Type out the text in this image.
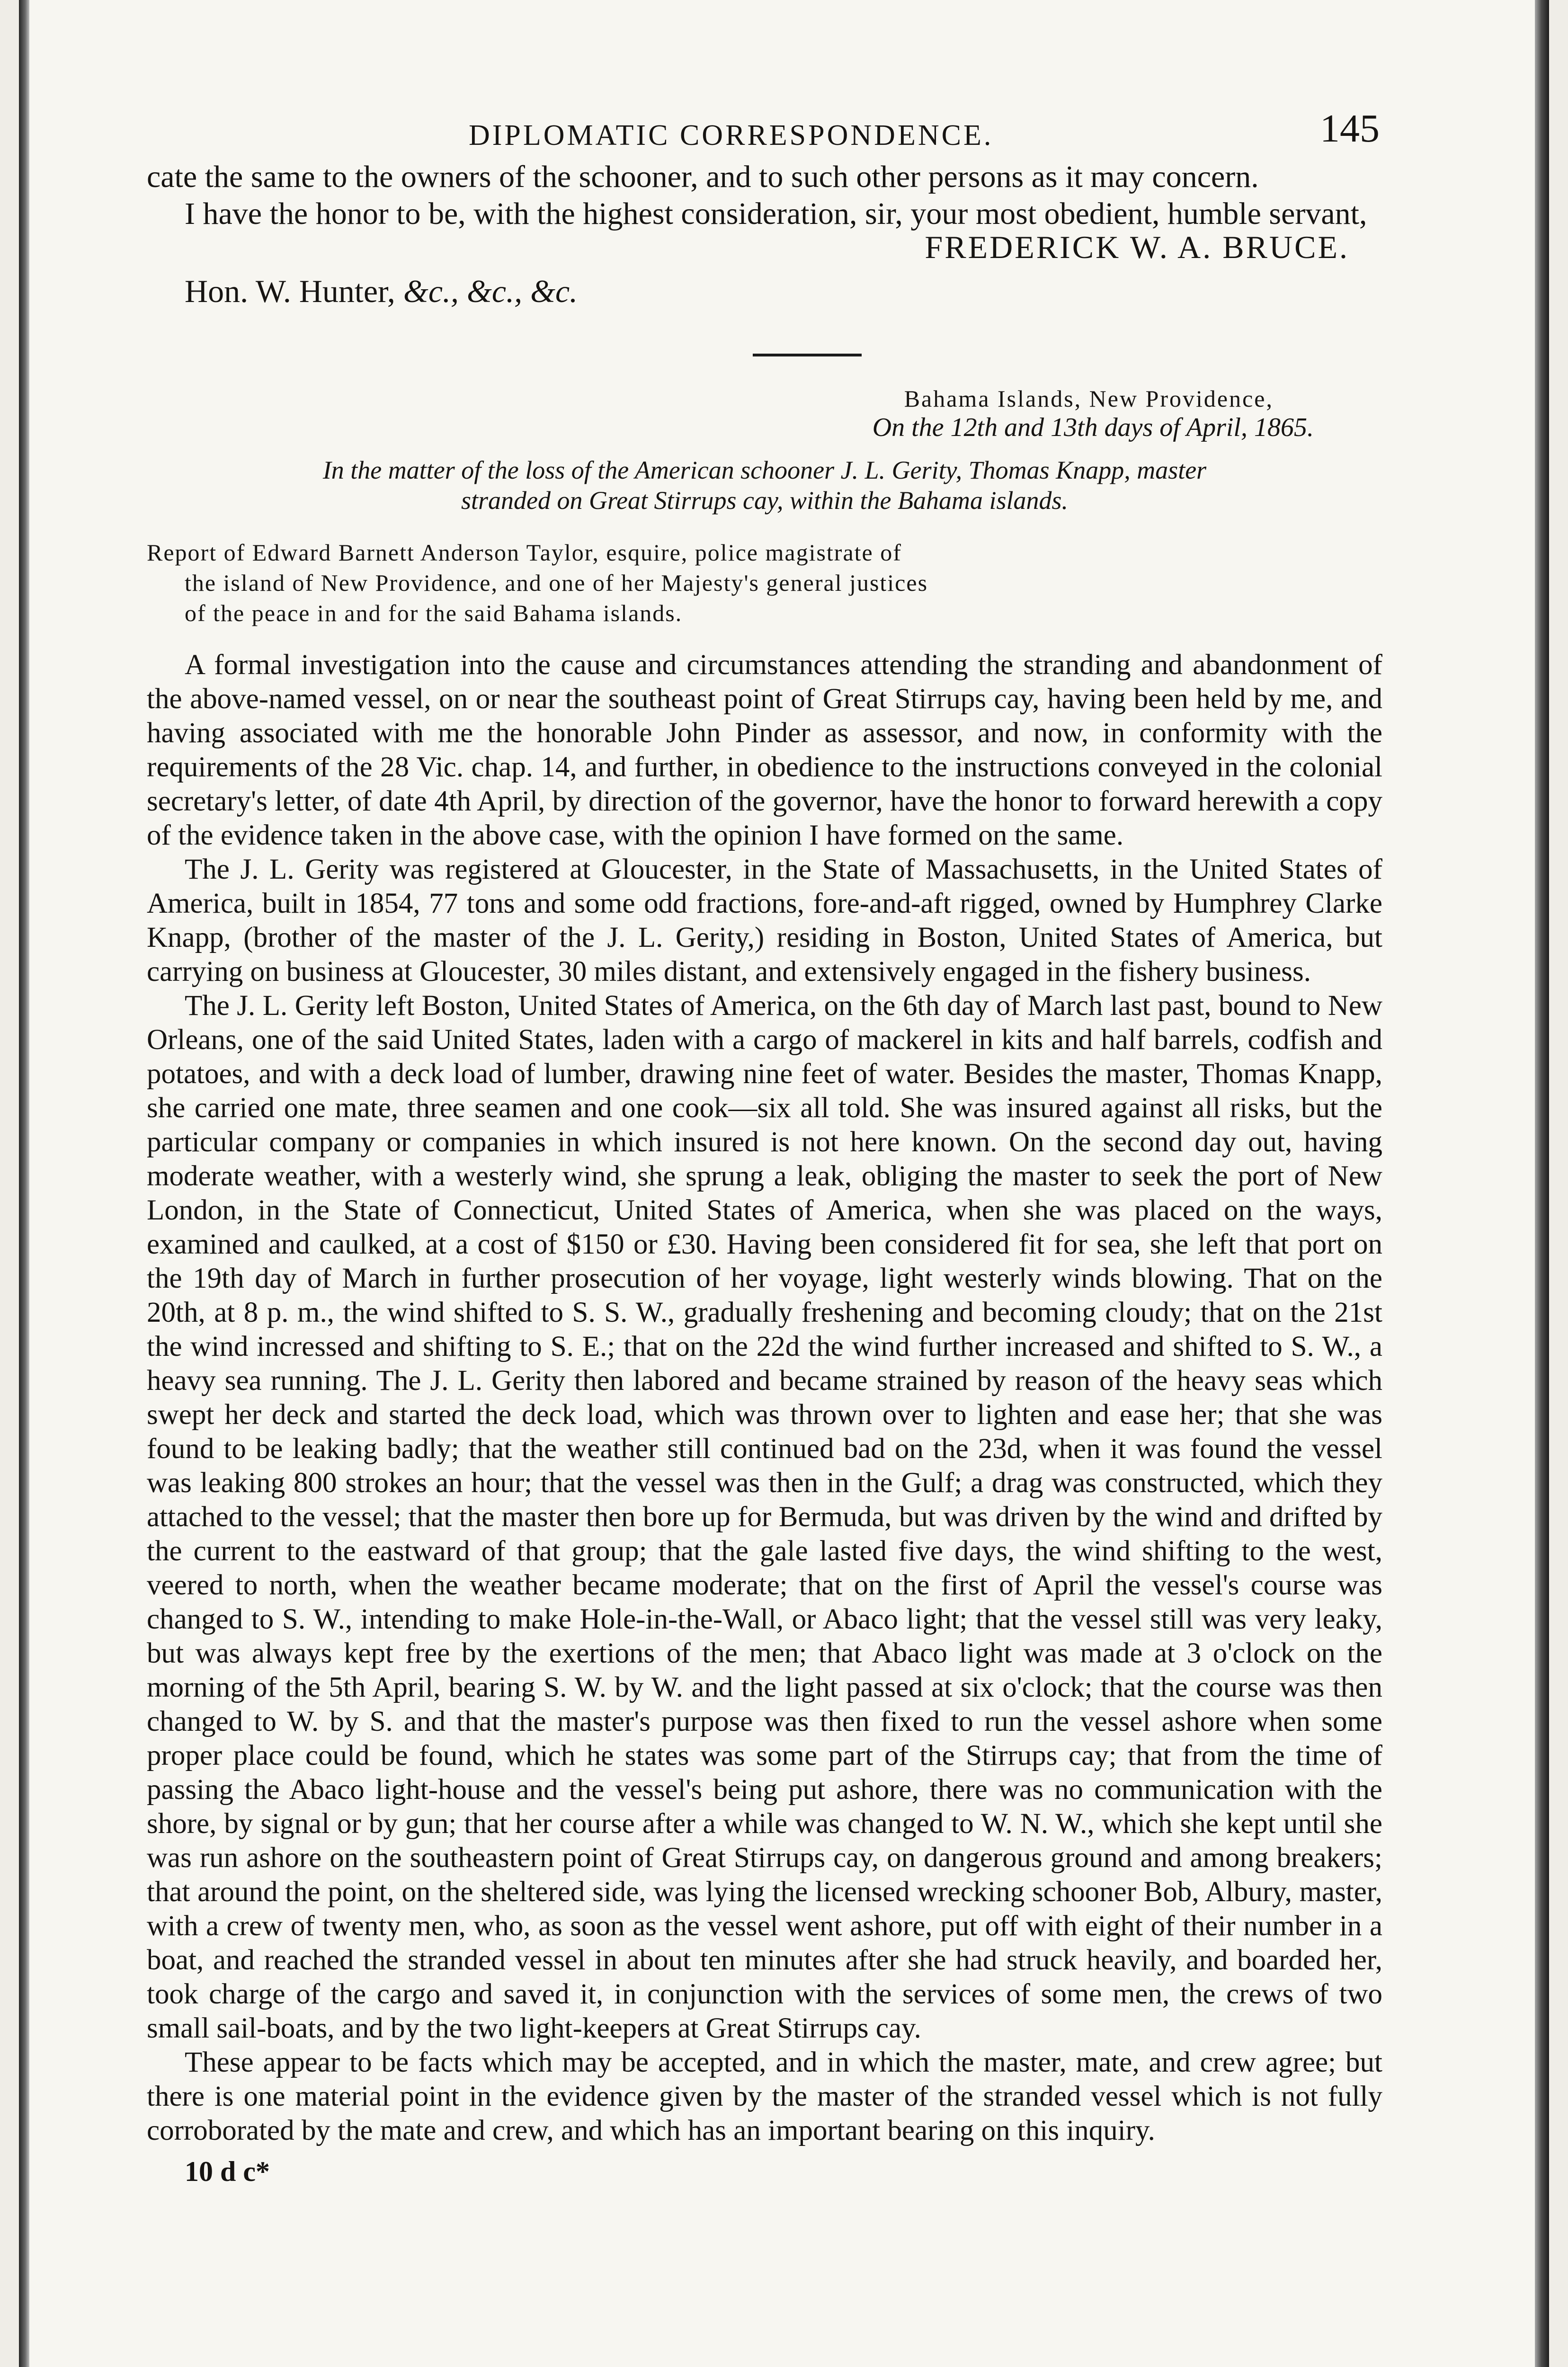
DIPLOMATIC CORRESPONDENCE.	145

cate the same to the owners of the schooner, and to such other persons as it may concern.

I have the honor to be, with the highest consideration, sir, your most obedient, humble servant,

FREDERICK W. A. BRUCE.

Hon. W. Hunter, &c., &c., &c.

Bahama Islands, New Providence,

On the 12th and 13th days of April, 1865.

In the matter of the loss of the American schooner J. L. Gerity, Thomas Knapp, master
stranded on Great Stirrups cay, within the Bahama islands.
Report of Edward Barnett Anderson Taylor, esquire, police magistrate of
the island of New Providence, and one of her Majesty's general justices
of the peace in and for the said Bahama islands.

A formal investigation into the cause and circumstances attending the stranding and abandonment of the above-named vessel, on or near the southeast point of Great Stirrups cay, having been held by me, and having associated with me the honorable John Pinder as assessor, and now, in conformity with the requirements of the 28 Vic. chap. 14, and further, in obedience to the instructions conveyed in the colonial secretary's letter, of date 4th April, by direction of the governor, have the honor to forward herewith a copy of the evidence taken in the above case, with the opinion I have formed on the same.

The J. L. Gerity was registered at Gloucester, in the State of Massachusetts, in the United States of America, built in 1854, 77 tons and some odd fractions, fore-and-aft rigged, owned by Humphrey Clarke Knapp, (brother of the master of the J. L. Gerity,) residing in Boston, United States of America, but carrying on business at Gloucester, 30 miles distant, and extensively engaged in the fishery business.

The J. L. Gerity left Boston, United States of America, on the 6th day of March last past, bound to New Orleans, one of the said United States, laden with a cargo of mackerel in kits and half barrels, codfish and potatoes, and with a deck load of lumber, drawing nine feet of water. Besides the master, Thomas Knapp, she carried one mate, three seamen and one cook—six all told. She was insured against all risks, but the particular company or companies in which insured is not here known. On the second day out, having moderate weather, with a westerly wind, she sprung a leak, obliging the master to seek the port of New London, in the State of Connecticut, United States of America, when she was placed on the ways, examined and caulked, at a cost of $150 or £30. Having been considered fit for sea, she left that port on the 19th day of March in further prosecution of her voyage, light westerly winds blowing. That on the 20th, at 8 p. m., the wind shifted to S. S. W., gradually freshening and becoming cloudy; that on the 21st the wind incressed and shifting to S. E.; that on the 22d the wind further increased and shifted to S. W., a heavy sea running. The J. L. Gerity then labored and became strained by reason of the heavy seas which swept her deck and started the deck load, which was thrown over to lighten and ease her; that she was found to be leaking badly; that the weather still continued bad on the 23d, when it was found the vessel was leaking 800 strokes an hour; that the vessel was then in the Gulf; a drag was constructed, which they attached to the vessel; that the master then bore up for Bermuda, but was driven by the wind and drifted by the current to the eastward of that group; that the gale lasted five days, the wind shifting to the west, veered to north, when the weather became moderate; that on the first of April the vessel's course was changed to S. W., intending to make Hole-in-the-Wall, or Abaco light; that the vessel still was very leaky, but was always kept free by the exertions of the men; that Abaco light was made at 3 o'clock on the morning of the 5th April, bearing S. W. by W. and the light passed at six o'clock; that the course was then changed to W. by S. and that the master's purpose was then fixed to run the vessel ashore when some proper place could be found, which he states was some part of the Stirrups cay; that from the time of passing the Abaco light-house and the vessel's being put ashore, there was no communication with the shore, by signal or by gun; that her course after a while was changed to W. N. W., which she kept until she was run ashore on the southeastern point of Great Stirrups cay, on dangerous ground and among breakers; that around the point, on the sheltered side, was lying the licensed wrecking schooner Bob, Albury, master, with a crew of twenty men, who, as soon as the vessel went ashore, put off with eight of their number in a boat, and reached the stranded vessel in about ten minutes after she had struck heavily, and boarded her, took charge of the cargo and saved it, in conjunction with the services of some men, the crews of two small sail-boats, and by the two light-keepers at Great Stirrups cay.

These appear to be facts which may be accepted, and in which the master, mate, and crew agree; but there is one material point in the evidence given by the master of the stranded vessel which is not fully corroborated by the mate and crew, and which has an important bearing on this inquiry.

10 d c*
